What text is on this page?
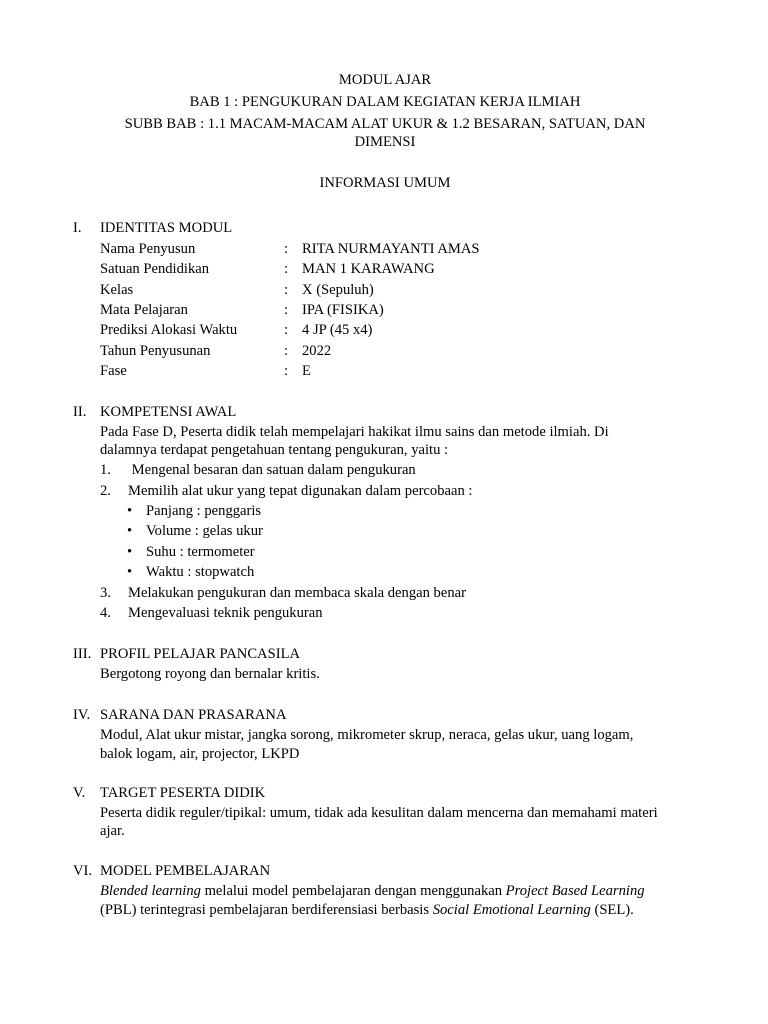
MODUL AJAR
BAB 1 : PENGUKURAN DALAM KEGIATAN KERJA ILMIAH
SUBB BAB : 1.1 MACAM-MACAM ALAT UKUR & 1.2 BESARAN, SATUAN, DAN
DIMENSI
INFORMASI UMUM
I. IDENTITAS MODUL
Nama Penyusun	: RITA NURMAYANTI AMAS
Satuan Pendidikan	: MAN 1 KARAWANG
Kelas	: X (Sepuluh)
Mata Pelajaran	: IPA (FISIKA)
Prediksi Alokasi Waktu	: 4 JP (45 x4)
Tahun Penyusunan	: 2022
Fase	: E
II. KOMPETENSI AWAL
Pada Fase D, Peserta didik telah mempelajari hakikat ilmu sains dan metode ilmiah. Di
dalamnya terdapat pengetahuan tentang pengukuran, yaitu :
1. Mengenal besaran dan satuan dalam pengukuran
2. Memilih alat ukur yang tepat digunakan dalam percobaan :
• Panjang : penggaris
• Volume : gelas ukur
• Suhu : termometer
• Waktu : stopwatch
3. Melakukan pengukuran dan membaca skala dengan benar
4. Mengevaluasi teknik pengukuran
III. PROFIL PELAJAR PANCASILA
Bergotong royong dan bernalar kritis.
IV. SARANA DAN PRASARANA
Modul, Alat ukur mistar, jangka sorong, mikrometer skrup, neraca, gelas ukur, uang logam,
balok logam, air, projector, LKPD
V. TARGET PESERTA DIDIK
Peserta didik reguler/tipikal: umum, tidak ada kesulitan dalam mencerna dan memahami materi
ajar.
VI. MODEL PEMBELAJARAN
Blended learning melalui model pembelajaran dengan menggunakan Project Based Learning
(PBL) terintegrasi pembelajaran berdiferensiasi berbasis Social Emotional Learning (SEL).
